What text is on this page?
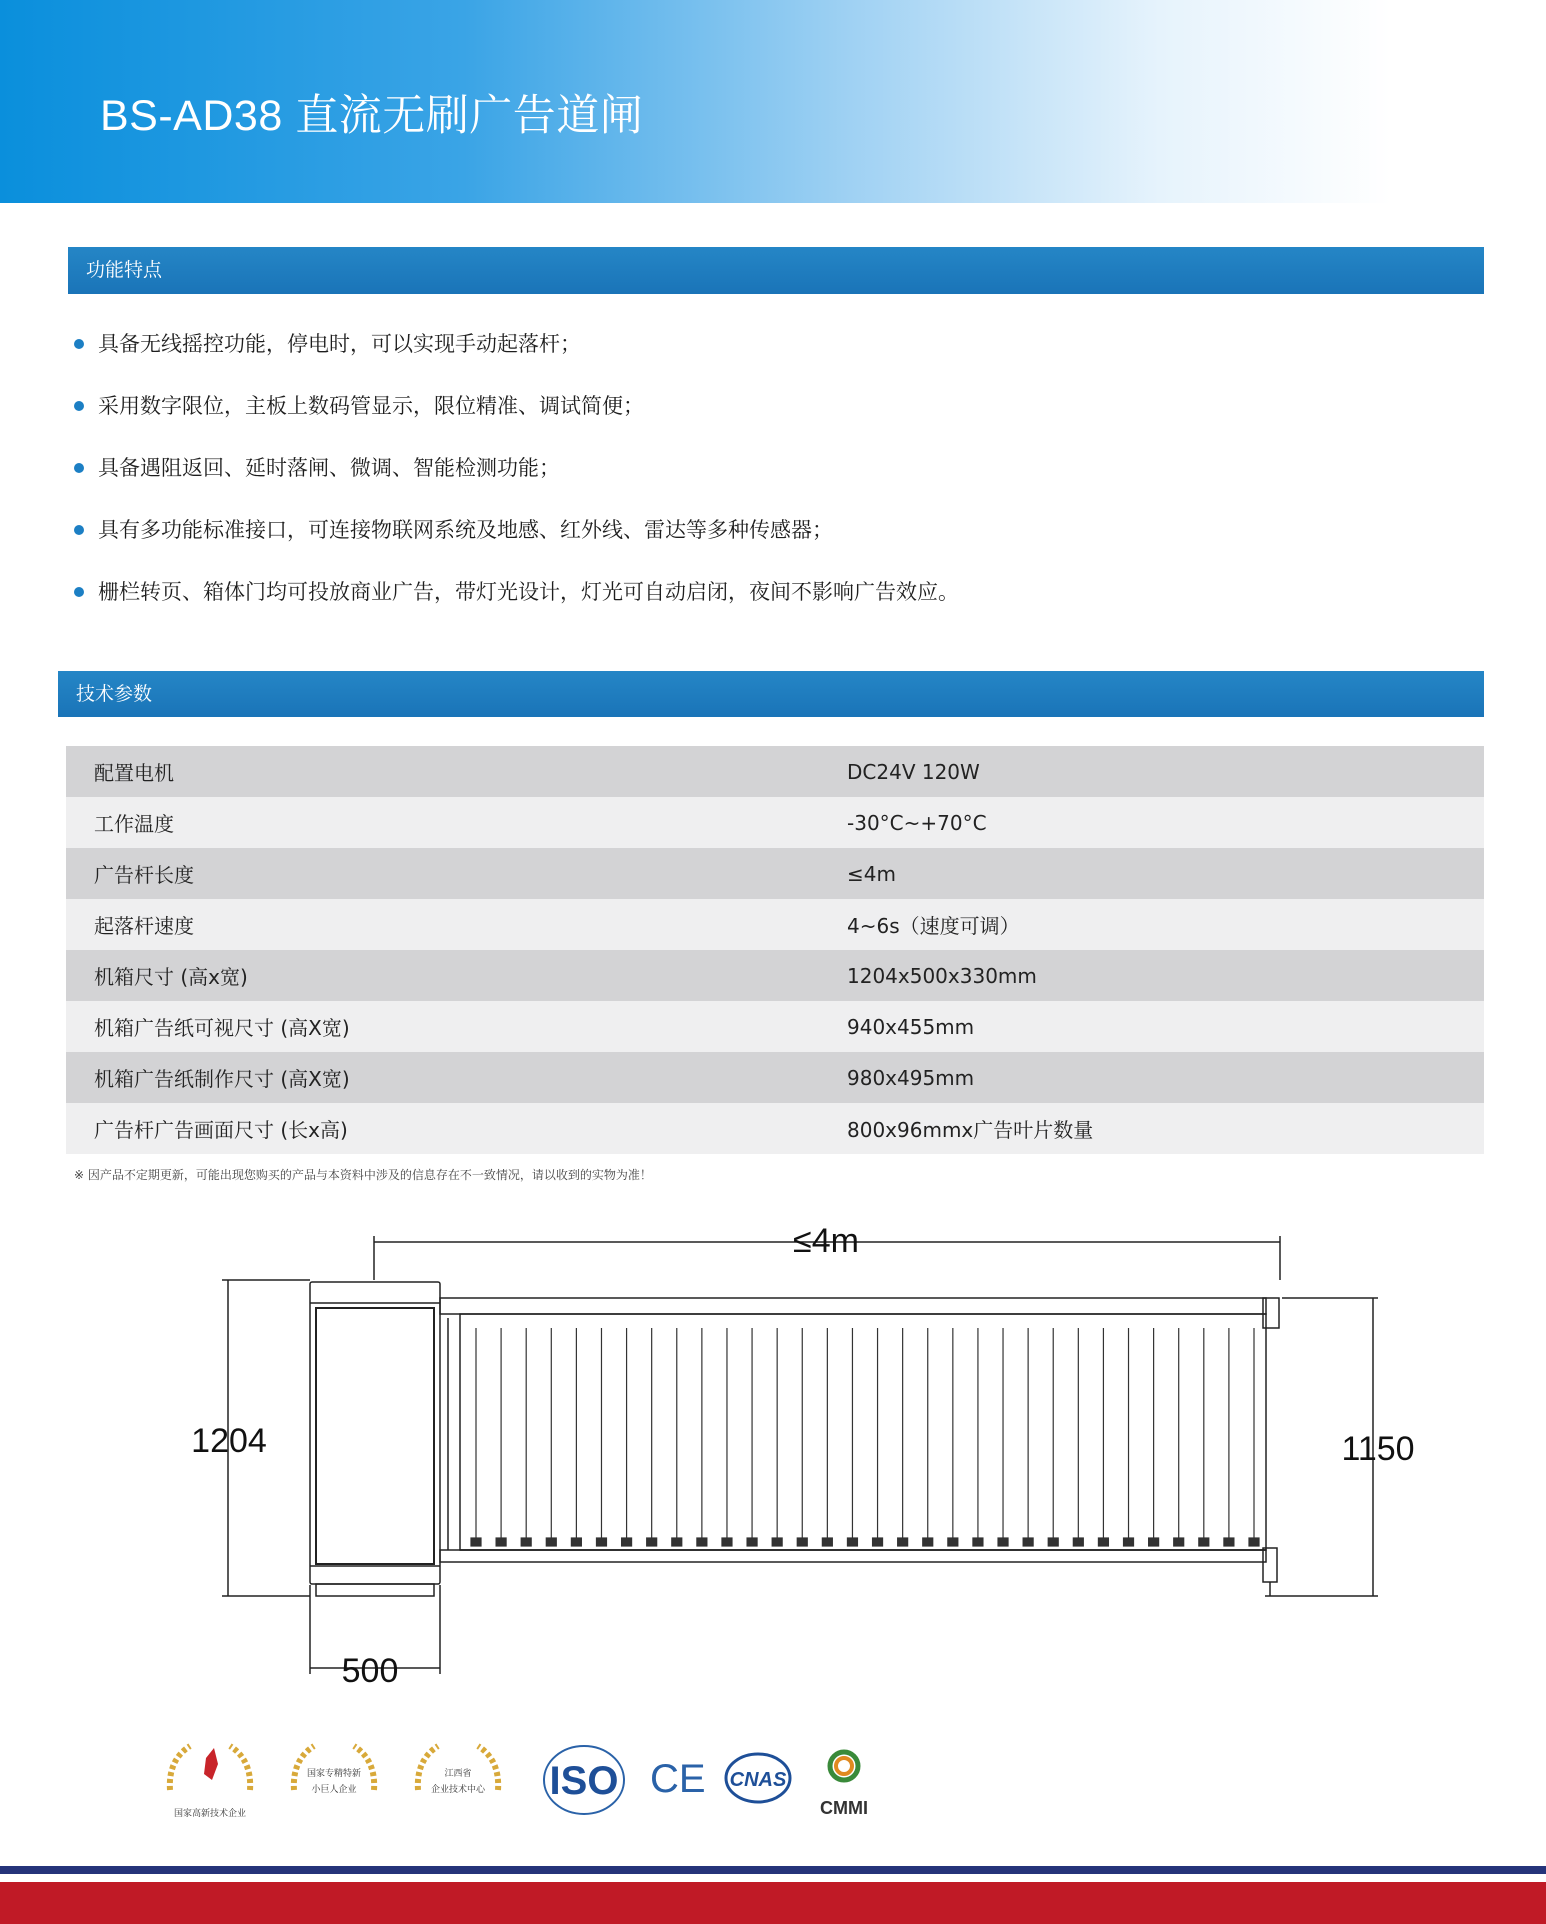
BS-AD38 直流无刷广告道闸
功能特点
具备无线摇控功能，停电时，可以实现手动起落杆；
采用数字限位，主板上数码管显示，限位精准、调试简便；
具备遇阻返回、延时落闸、微调、智能检测功能；
具有多功能标准接口，可连接物联网系统及地感、红外线、雷达等多种传感器；
栅栏转页、箱体门均可投放商业广告，带灯光设计，灯光可自动启闭，夜间不影响广告效应。
技术参数
配置电机	DC24V 120W
工作温度	-30°C~+70°C
广告杆长度	≤4m
起落杆速度	4~6s（速度可调）
机箱尺寸 (高x宽)	1204x500x330mm
机箱广告纸可视尺寸 (高X宽)	940x455mm
机箱广告纸制作尺寸 (高X宽)	980x495mm
广告杆广告画面尺寸 (长x高)	800x96mmx广告叶片数量
※ 因产品不定期更新，可能出现您购买的产品与本资料中涉及的信息存在不一致情况，请以收到的实物为准！
≤4m
1204	1150
500
国家高新技术企业
国家专精特新
小巨人企业
江西省
企业技术中心 ISO CE CNAS
CMMI
